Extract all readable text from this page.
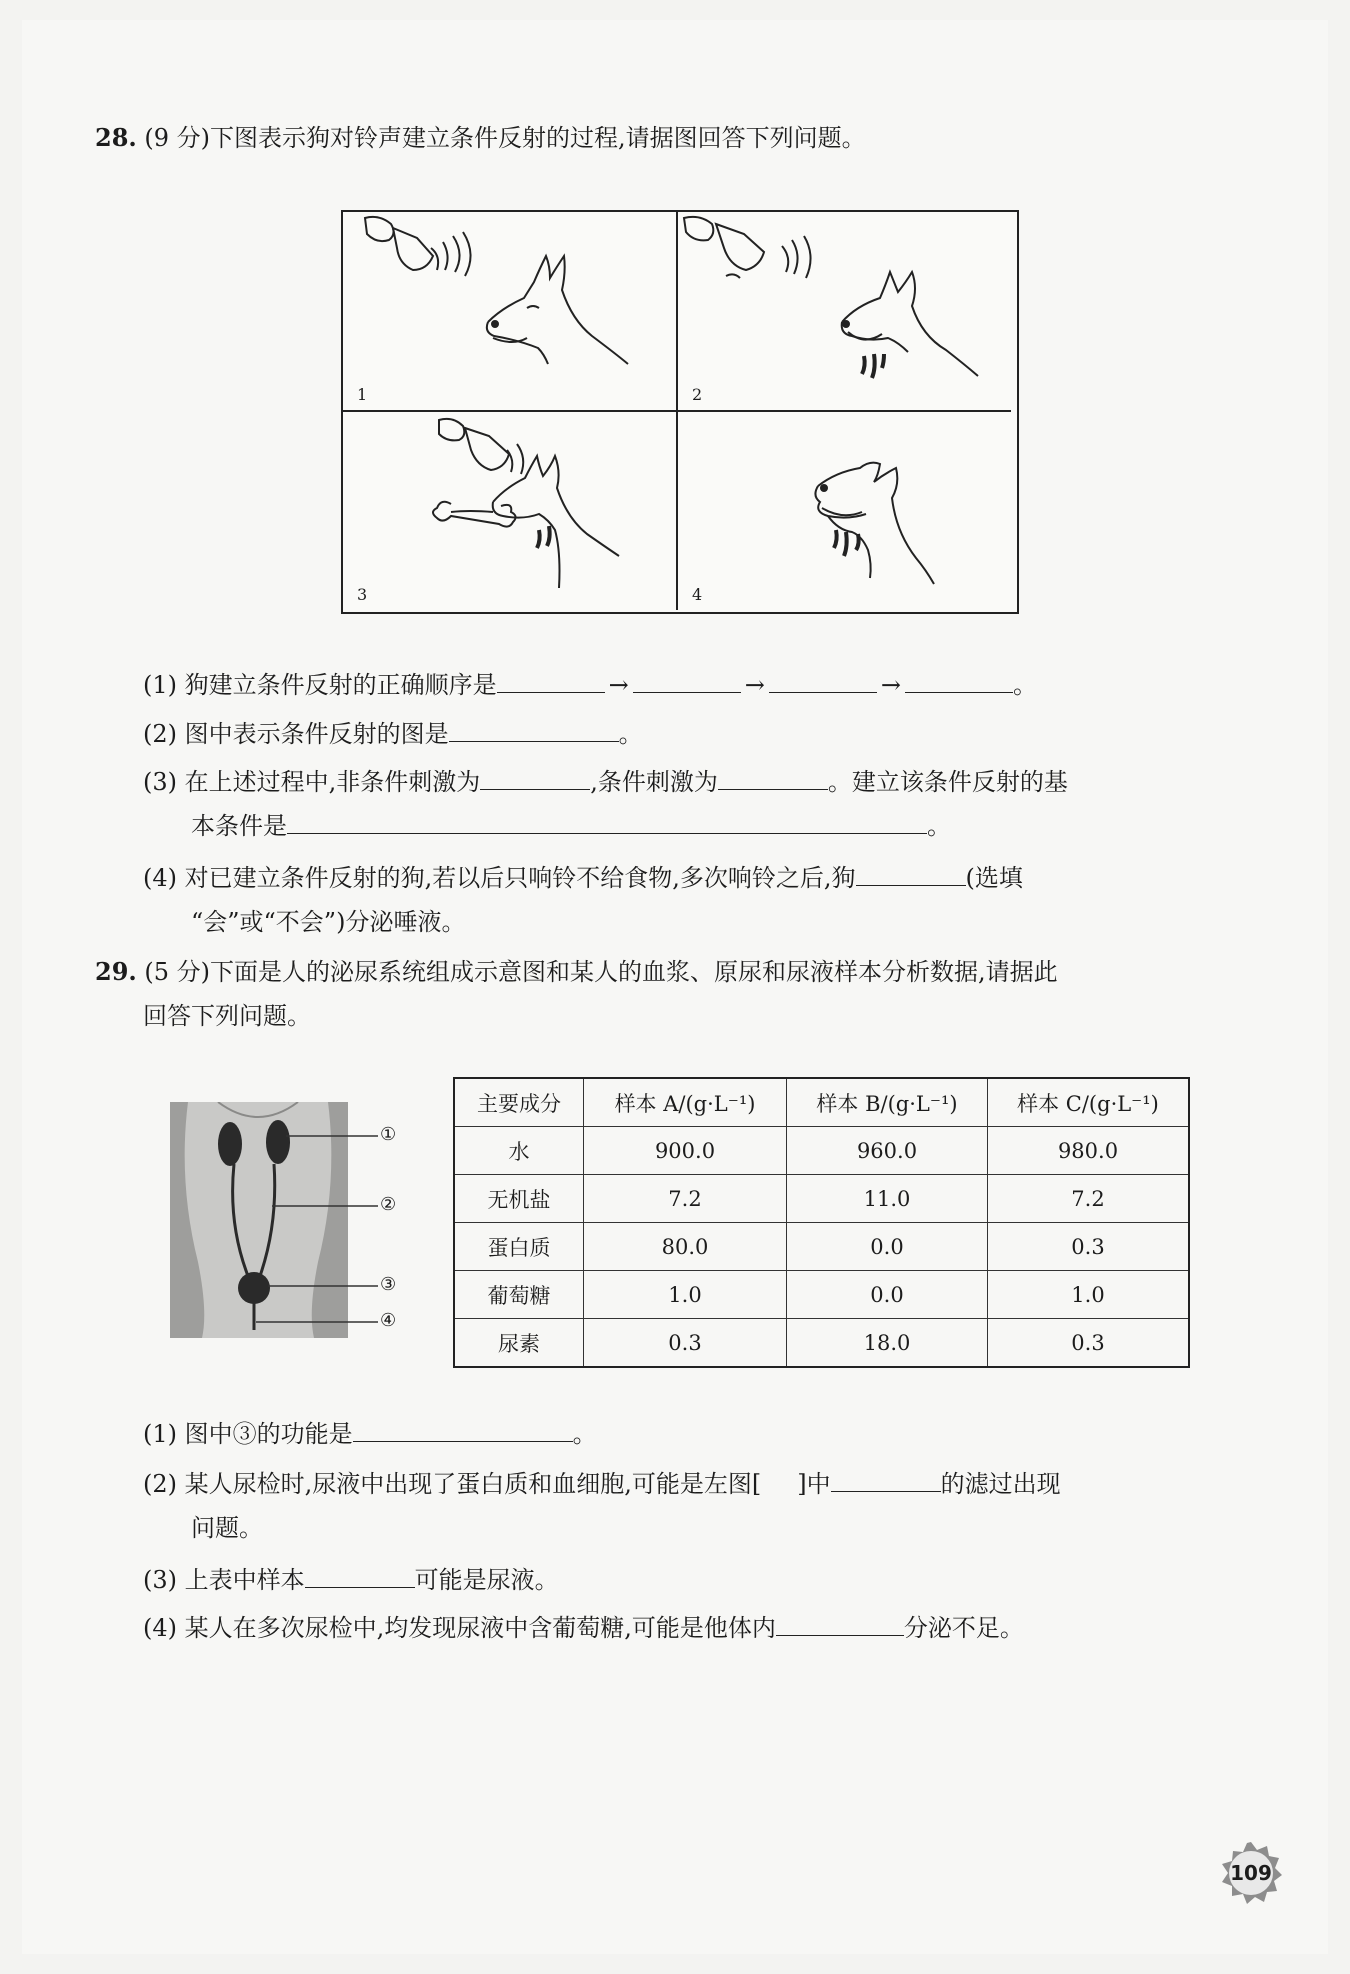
28. (9 分)下图表示狗对铃声建立条件反射的过程,请据图回答下列问题。
1	2
3	4
(1) 狗建立条件反射的正确顺序是	→	→	→	。
(2) 图中表示条件反射的图是	。
(3) 在上述过程中,非条件刺激为	,条件刺激为	。建立该条件反射的基
本条件是	。
(4) 对已建立条件反射的狗,若以后只响铃不给食物,多次响铃之后,狗	(选填
“会”或“不会”)分泌唾液。
29. (5 分)下面是人的泌尿系统组成示意图和某人的血浆、原尿和尿液样本分析数据,请据此
回答下列问题。
①
②
③
④
主要成分	样本 A/(g·L⁻¹)	样本 B/(g·L⁻¹)	样本 C/(g·L⁻¹)
水	900.0	960.0	980.0
无机盐	7.2	11.0	7.2
蛋白质	80.0	0.0	0.3
葡萄糖	1.0	0.0	1.0
尿素	0.3	18.0	0.3
(1) 图中③的功能是	。
(2) 某人尿检时,尿液中出现了蛋白质和血细胞,可能是左图[ ]中	的滤过出现
问题。
(3) 上表中样本	可能是尿液。
(4) 某人在多次尿检中,均发现尿液中含葡萄糖,可能是他体内	分泌不足。
109
